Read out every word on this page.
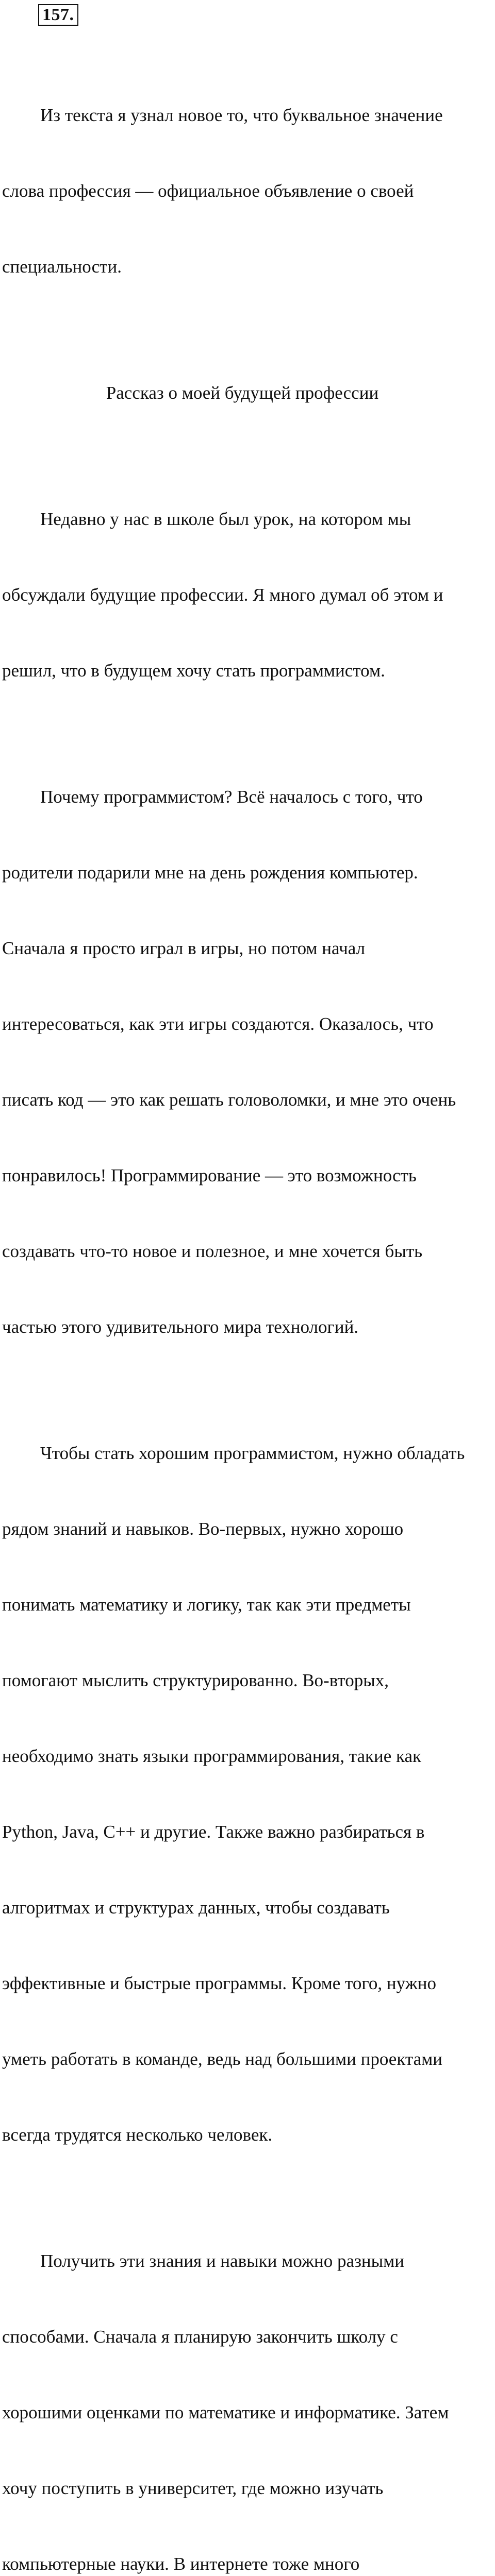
157.

Из текста я узнал новое то, что буквальное значение

слова профессия — официальное объявление о своей

специальности.

Рассказ о моей будущей профессии

Недавно у нас в школе был урок, на котором мы

обсуждали будущие профессии. Я много думал об этом и

решил, что в будущем хочу стать программистом.

Почему программистом? Всё началось с того, что

родители подарили мне на день рождения компьютер.

Сначала я просто играл в игры, но потом начал

интересоваться, как эти игры создаются. Оказалось, что

писать код — это как решать головоломки, и мне это очень

понравилось! Программирование — это возможность

создавать что-то новое и полезное, и мне хочется быть

частью этого удивительного мира технологий.

Чтобы стать хорошим программистом, нужно обладать

рядом знаний и навыков. Во-первых, нужно хорошо

понимать математику и логику, так как эти предметы

помогают мыслить структурированно. Во-вторых,

необходимо знать языки программирования, такие как

Python, Java, C++ и другие. Также важно разбираться в

алгоритмах и структурах данных, чтобы создавать

эффективные и быстрые программы. Кроме того, нужно

уметь работать в команде, ведь над большими проектами

всегда трудятся несколько человек.

Получить эти знания и навыки можно разными

способами. Сначала я планирую закончить школу с

хорошими оценками по математике и информатике. Затем

хочу поступить в университет, где можно изучать

компьютерные науки. В интернете тоже много
